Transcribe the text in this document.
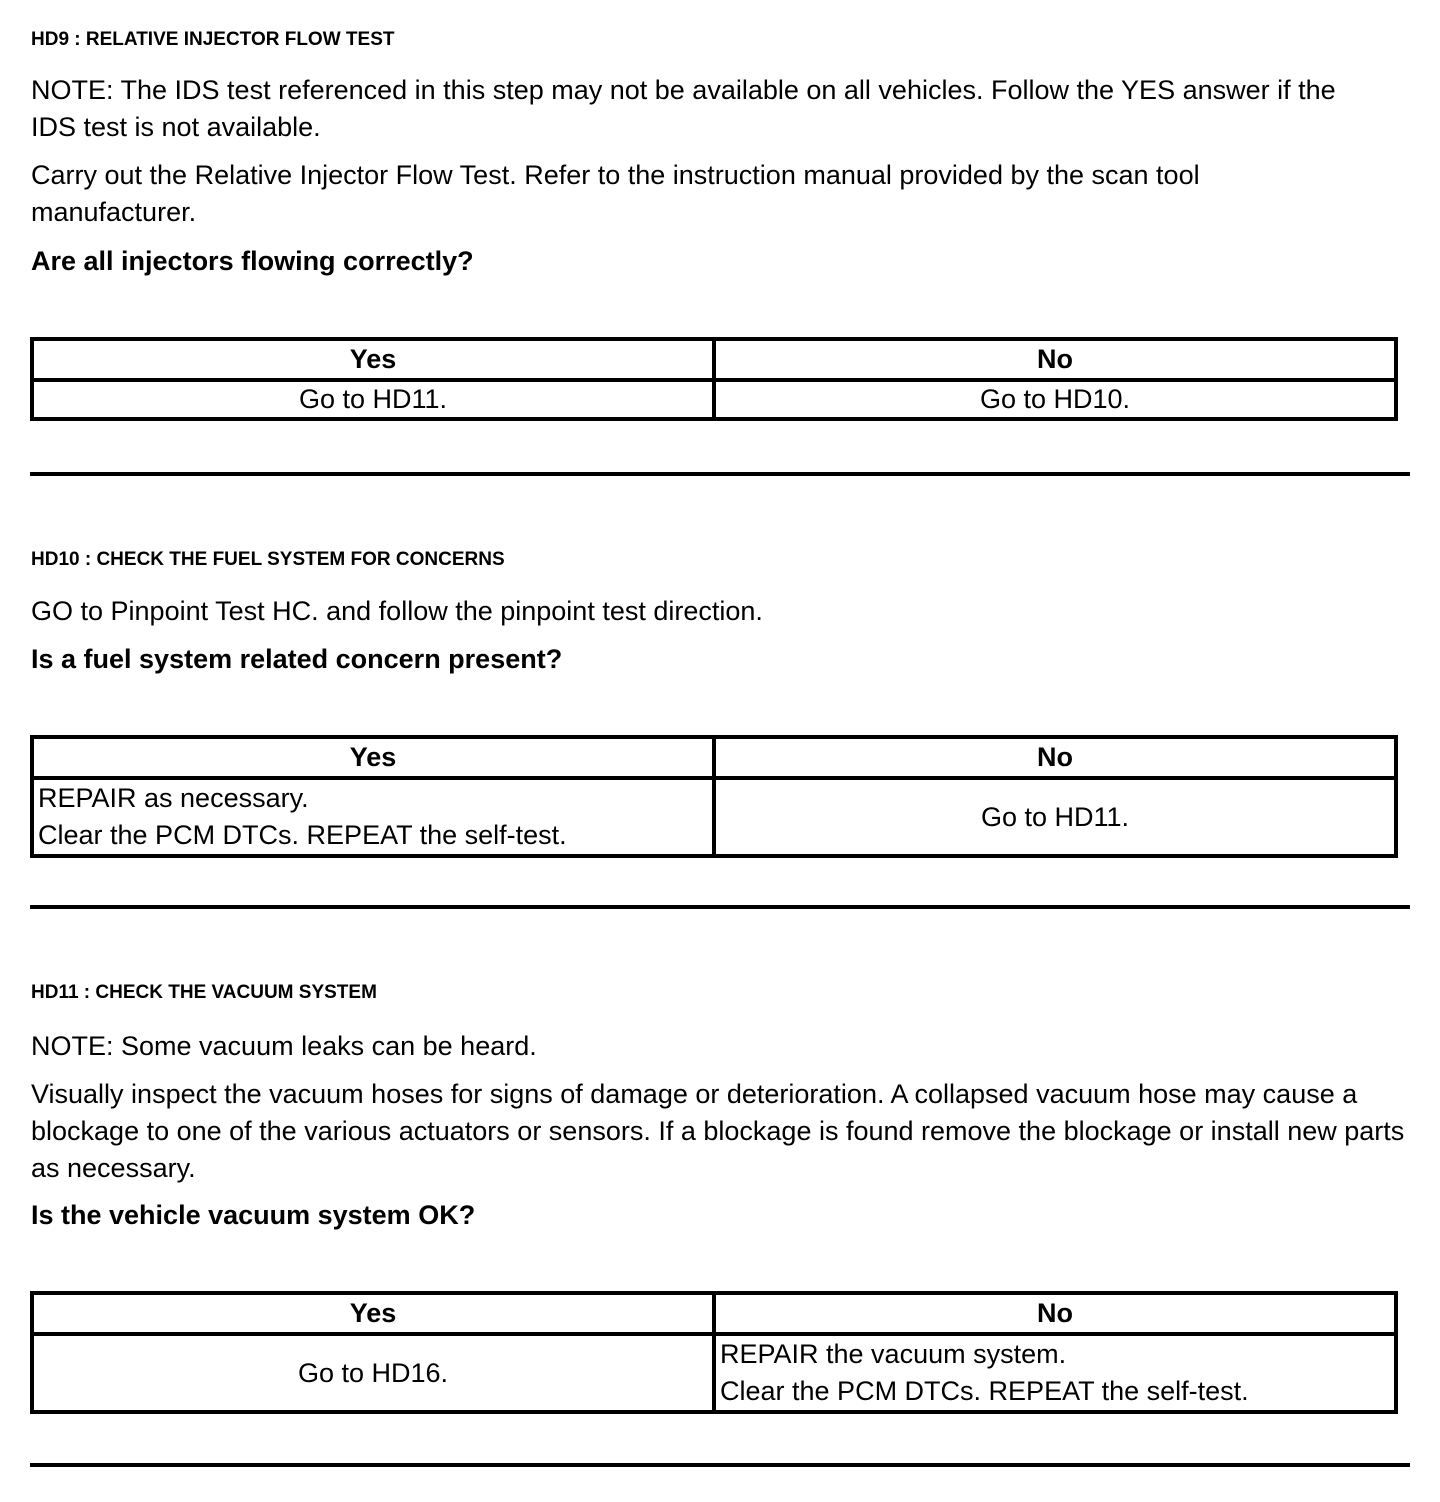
HD9 : RELATIVE INJECTOR FLOW TEST
NOTE: The IDS test referenced in this step may not be available on all vehicles. Follow the YES answer if the IDS test is not available.
Carry out the Relative Injector Flow Test. Refer to the instruction manual provided by the scan tool manufacturer.
Are all injectors flowing correctly?
Yes	No
Go to HD11.	Go to HD10.
HD10 : CHECK THE FUEL SYSTEM FOR CONCERNS
GO to Pinpoint Test HC. and follow the pinpoint test direction.
Is a fuel system related concern present?
Yes	No

REPAIR as necessary.
Clear the PCM DTCs. REPEAT the self-test.	Go to HD11.
HD11 : CHECK THE VACUUM SYSTEM
NOTE: Some vacuum leaks can be heard.
Visually inspect the vacuum hoses for signs of damage or deterioration. A collapsed vacuum hose may cause a blockage to one of the various actuators or sensors. If a blockage is found remove the blockage or install new parts as necessary.
Is the vehicle vacuum system OK?
Yes	No
Go to HD16.	REPAIR the vacuum system.
Clear the PCM DTCs. REPEAT the self-test.
